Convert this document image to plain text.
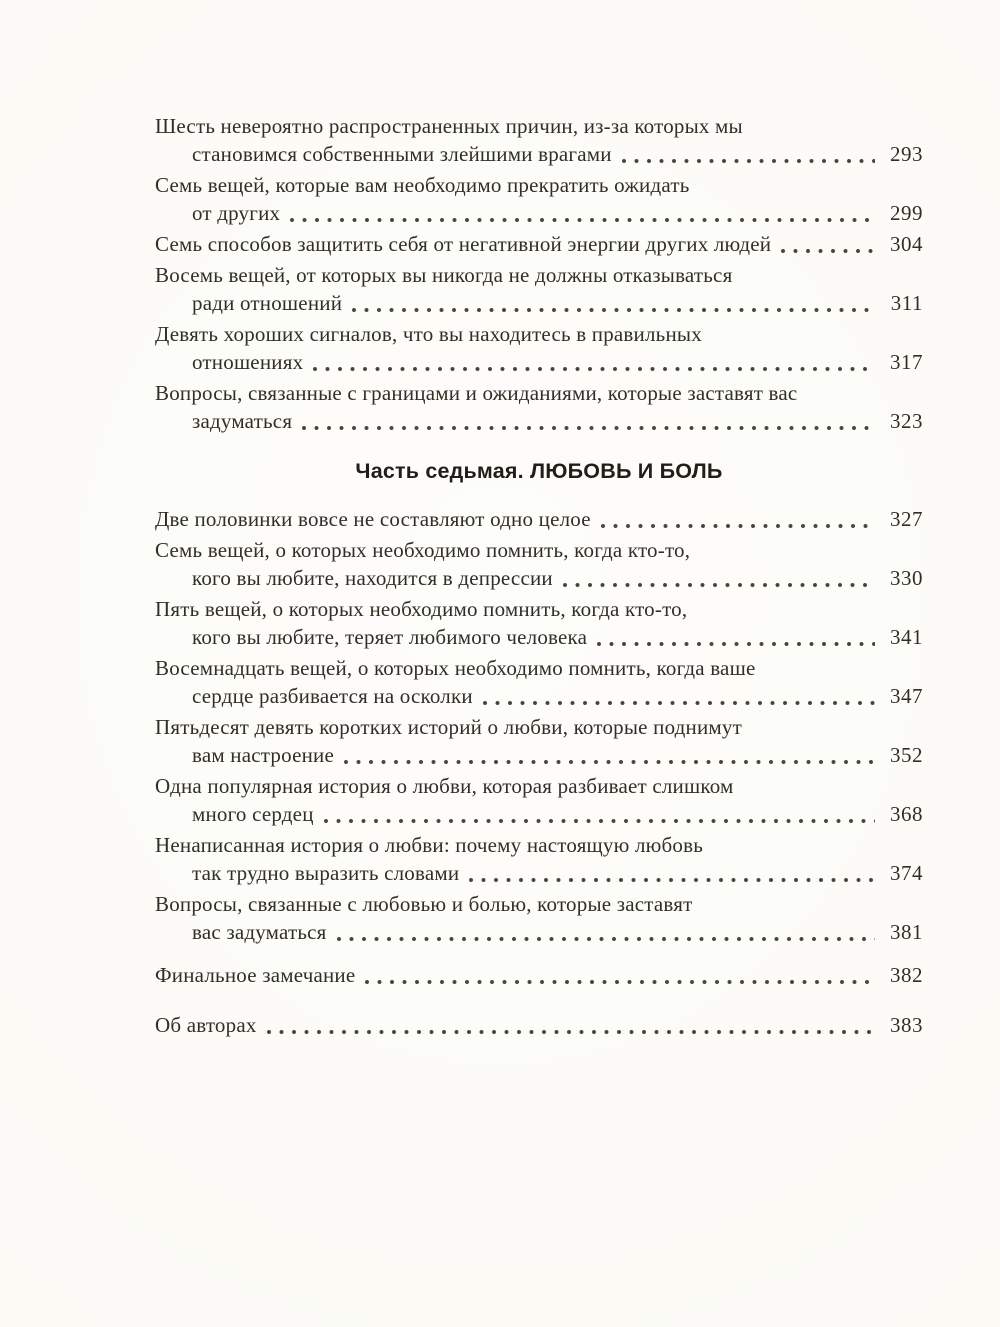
Шесть невероятно распространенных причин, из-за которых мы
становимся собственными злейшими врагами	293
Семь вещей, которые вам необходимо прекратить ожидать
от других	299
Семь способов защитить себя от негативной энергии других людей	304
Восемь вещей, от которых вы никогда не должны отказываться
ради отношений	311
Девять хороших сигналов, что вы находитесь в правильных
отношениях	317
Вопросы, связанные с границами и ожиданиями, которые заставят вас
задуматься	323
Часть седьмая. ЛЮБОВЬ И БОЛЬ
Две половинки вовсе не составляют одно целое	327
Семь вещей, о которых необходимо помнить, когда кто-то,
кого вы любите, находится в депрессии	330
Пять вещей, о которых необходимо помнить, когда кто-то,
кого вы любите, теряет любимого человека	341
Восемнадцать вещей, о которых необходимо помнить, когда ваше
сердце разбивается на осколки	347
Пятьдесят девять коротких историй о любви, которые поднимут
вам настроение	352
Одна популярная история о любви, которая разбивает слишком
много сердец	368
Ненаписанная история о любви: почему настоящую любовь
так трудно выразить словами	374
Вопросы, связанные с любовью и болью, которые заставят
вас задуматься	381
Финальное замечание	382
Об авторах	383
